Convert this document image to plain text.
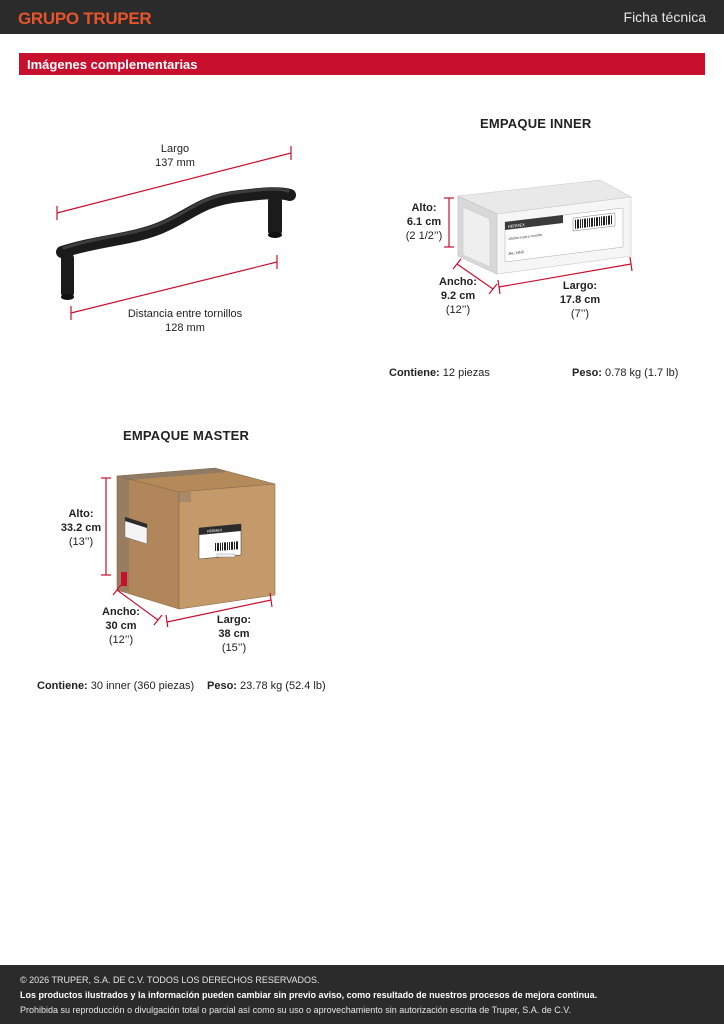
GRUPO TRUPER	Ficha técnica
Imágenes complementarias
Largo
137 mm
Distancia entre tornillos
128 mm
EMPAQUE INNER
HERMEX
Jaladera para mueble
JAL-14N3
Alto:
6.1 cm
(2 1/2’’)
Ancho:
9.2 cm
(12’’)
Largo:
17.8 cm
(7’’)
Contiene: 12 piezas	Peso: 0.78 kg (1.7 lb)
EMPAQUE MASTER
HERMEX
Alto:
33.2 cm
(13’’)
Ancho:
30 cm
(12’’)
Largo:
38 cm
(15’’)
Contiene: 30 inner (360 piezas) Peso: 23.78 kg (52.4 lb)
© 2026 TRUPER, S.A. DE C.V. TODOS LOS DERECHOS RESERVADOS.
Los productos ilustrados y la información pueden cambiar sin previo aviso, como resultado de nuestros procesos de mejora continua.
Prohibida su reproducción o divulgación total o parcial así como su uso o aprovechamiento sin autorización escrita de Truper, S.A. de C.V.
